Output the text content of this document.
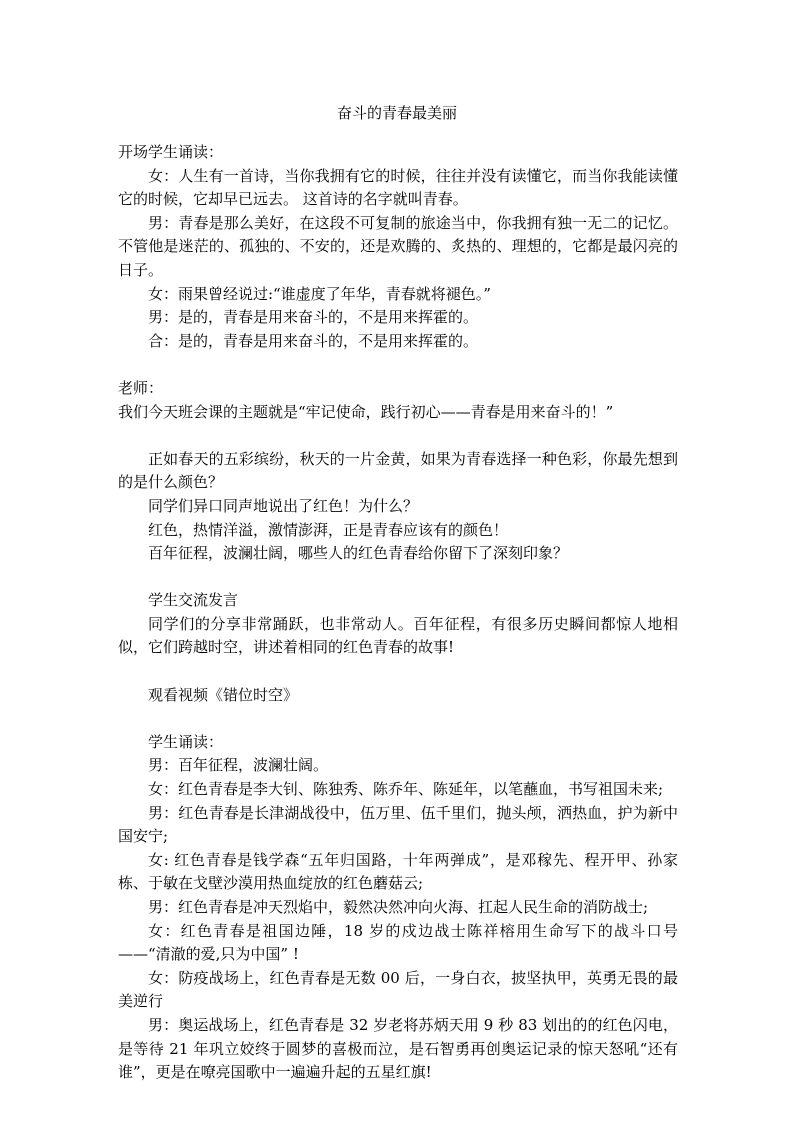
奋斗的青春最美丽

开场学生诵读：

女：人生有一首诗，当你我拥有它的时候，往往并没有读懂它，而当你我能读懂它的时候，它却早已远去。 这首诗的名字就叫青春。

男：青春是那么美好，在这段不可复制的旅途当中，你我拥有独一无二的记忆。不管他是迷茫的、孤独的、不安的，还是欢腾的、炙热的、理想的，它都是最闪亮的日子。

女：雨果曾经说过:“谁虚度了年华，青春就将褪色。”

男：是的，青春是用来奋斗的，不是用来挥霍的。

合：是的，青春是用来奋斗的，不是用来挥霍的。

老师：

我们今天班会课的主题就是“牢记使命，践行初心——青春是用来奋斗的！”

正如春天的五彩缤纷，秋天的一片金黄，如果为青春选择一种色彩，你最先想到的是什么颜色？

同学们异口同声地说出了红色！为什么？

红色，热情洋溢，激情澎湃，正是青春应该有的颜色！

百年征程，波澜壮阔，哪些人的红色青春给你留下了深刻印象？

学生交流发言

同学们的分享非常踊跃，也非常动人。百年征程，有很多历史瞬间都惊人地相似，它们跨越时空，讲述着相同的红色青春的故事!

观看视频《错位时空》

学生诵读：

男：百年征程，波澜壮阔。

女：红色青春是李大钊、陈独秀、陈乔年、陈延年，以笔蘸血，书写祖国未来;

男：红色青春是长津湖战役中，伍万里、伍千里们，抛头颅，洒热血，护为新中国安宁;

女: 红色青春是钱学森“五年归国路，十年两弹成”，是邓稼先、程开甲、孙家栋、于敏在戈壁沙漠用热血绽放的红色蘑菇云;

男：红色青春是冲天烈焰中，毅然决然冲向火海、扛起人民生命的消防战士;

女：红色青春是祖国边陲，18 岁的戍边战士陈祥榕用生命写下的战斗口号——“清澈的爱,只为中国” !

女：防疫战场上，红色青春是无数 00 后，一身白衣，披坚执甲，英勇无畏的最美逆行

男：奥运战场上，红色青春是 32 岁老将苏炳天用 9 秒 83 划出的的红色闪电，是等待 21 年巩立姣终于圆梦的喜极而泣，是石智勇再创奥运记录的惊天怒吼“还有谁”，更是在嘹亮国歌中一遍遍升起的五星红旗!
